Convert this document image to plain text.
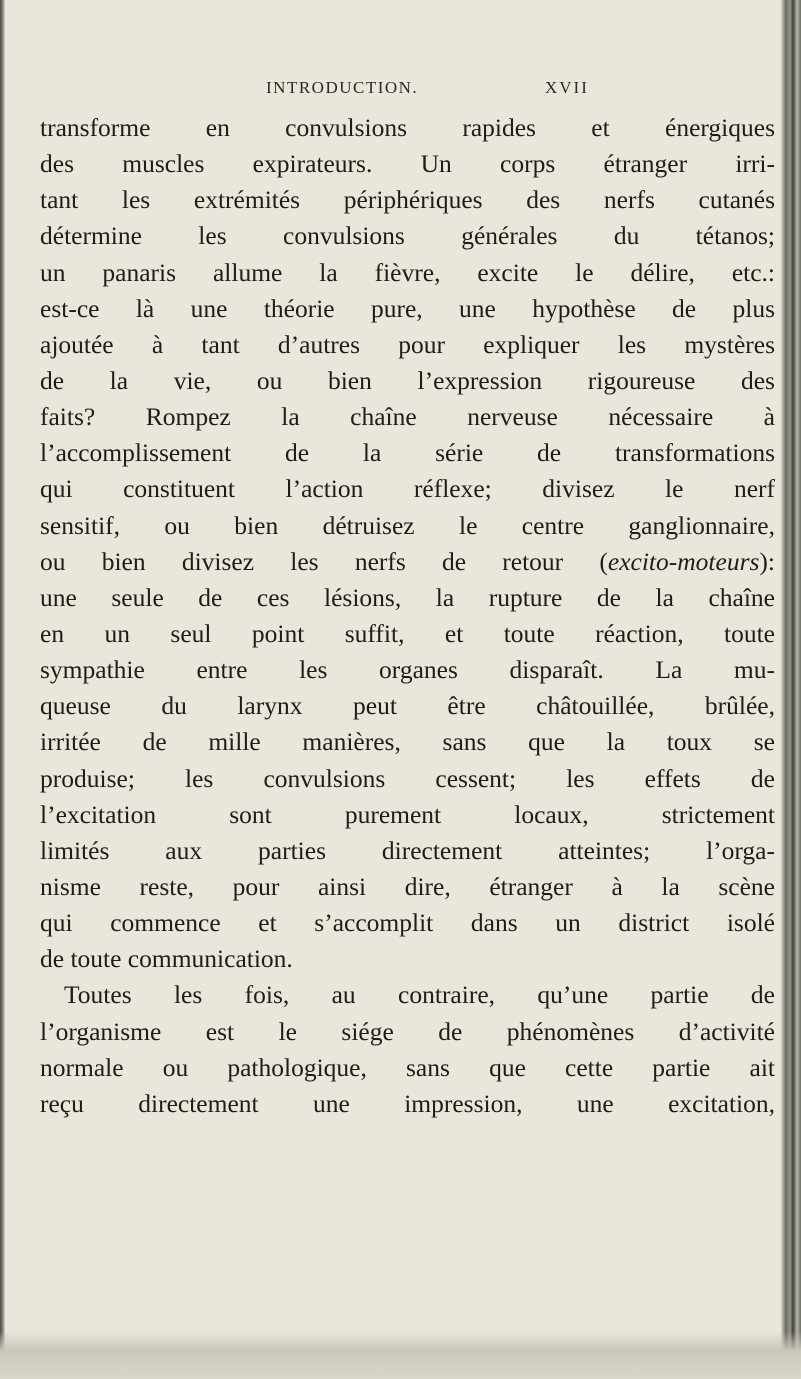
INTRODUCTION.	XVII
transforme en convulsions rapides et énergiques
des muscles expirateurs. Un corps étranger irri-
tant les extrémités périphériques des nerfs cutanés
détermine les convulsions générales du tétanos;
un panaris allume la fièvre, excite le délire, etc.:
est-ce là une théorie pure, une hypothèse de plus
ajoutée à tant d’autres pour expliquer les mystères
de la vie, ou bien l’expression rigoureuse des
faits? Rompez la chaîne nerveuse nécessaire à
l’accomplissement de la série de transformations
qui constituent l’action réflexe; divisez le nerf
sensitif, ou bien détruisez le centre ganglionnaire,
ou bien divisez les nerfs de retour (excito-moteurs):
une seule de ces lésions, la rupture de la chaîne
en un seul point suffit, et toute réaction, toute
sympathie entre les organes disparaît. La mu-
queuse du larynx peut être châtouillée, brûlée,
irritée de mille manières, sans que la toux se
produise; les convulsions cessent; les effets de
l’excitation sont purement locaux, strictement
limités aux parties directement atteintes; l’orga-
nisme reste, pour ainsi dire, étranger à la scène
qui commence et s’accomplit dans un district isolé
de toute communication.
Toutes les fois, au contraire, qu’une partie de
l’organisme est le siége de phénomènes d’activité
normale ou pathologique, sans que cette partie ait
reçu directement une impression, une excitation,
